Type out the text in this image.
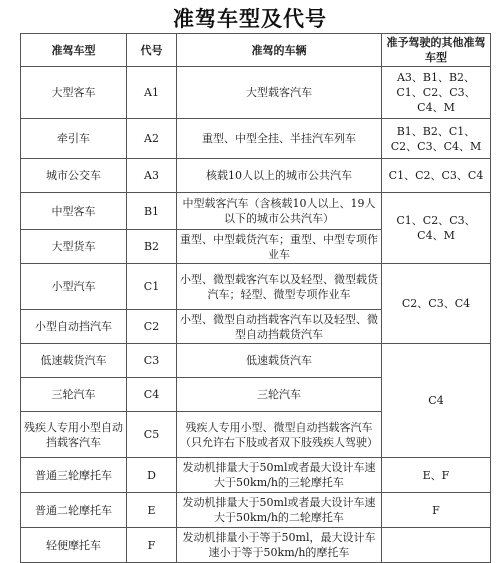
准驾车型及代号
准驾车型	代号	准驾的车辆	准予驾驶的其他准驾车型
大型客车	A1	大型载客汽车	A3、B1、B2、C1、C2、C3、C4、M
牵引车	A2	重型、中型全挂、半挂汽车列车	B1、B2、C1、C2、C3、C4、M
城市公交车	A3	核载10人以上的城市公共汽车	C1、C2、C3、C4
中型客车	B1	中型载客汽车（含核载10人以上、19人以下的城市公共汽车）	C1、C2、C3、C4、M
大型货车	B2	重型、中型载货汽车；重型、中型专项作业车	
小型汽车	C1	小型、微型载客汽车以及轻型、微型载货汽车；轻型、微型专项作业车	C2、C3、C4
小型自动挡汽车	C2	小型、微型自动挡载客汽车以及轻型、微型自动挡载货汽车	
低速载货汽车	C3	低速载货汽车	C4
三轮汽车	C4	三轮汽车	
残疾人专用小型自动挡载客汽车	C5	残疾人专用小型、微型自动挡载客汽车（只允许右下肢或者双下肢残疾人驾驶）	
普通三轮摩托车	D	发动机排量大于50ml或者最大设计车速大于50km/h的三轮摩托车	E、F
普通二轮摩托车	E	发动机排量大于50ml或者最大设计车速大于50km/h的二轮摩托车	F
轻便摩托车	F	发动机排量小于等于50ml，最大设计车速小于等于50km/h的摩托车	
